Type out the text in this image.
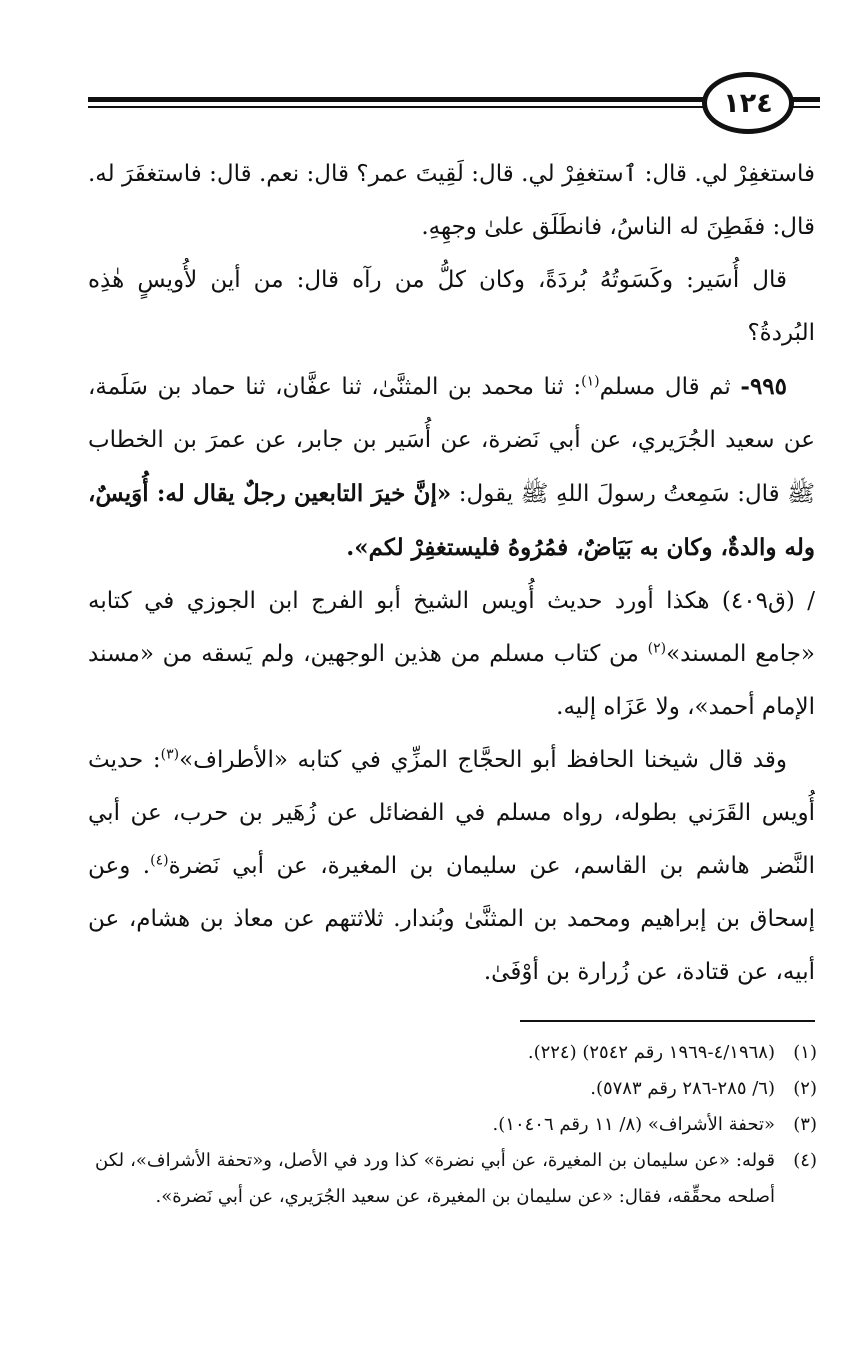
١٢٤

فاستغفِرْ لي. قال: ٱستغفِرْ لي. قال: لَقِيتَ عمر؟ قال: نعم. قال: فاستغفَرَ له. قال: ففَطِنَ له الناسُ، فانطَلَق علىٰ وجهِهِ.

قال أُسَير: وكَسَوتُهُ بُردَةً، وكان كلُّ من رآه قال: من أين لأُويسٍ هٰذِه البُردةُ؟

٩٩٥- ثم قال مسلم$^{(١)}$: ثنا محمد بن المثنَّىٰ، ثنا عفَّان، ثنا حماد بن سَلَمة، عن سعيد الجُرَيري، عن أبي نَضرة، عن أُسَير بن جابر، عن عمرَ بن الخطاب ﷺ قال: سَمِعتُ رسولَ اللهِ ﷺ يقول: «إنَّ خيرَ التابعين رجلٌ يقال له: أُوَيسٌ، وله والدةٌ، وكان به بَيَاضٌ، فمُرُوهُ فليستغفِرْ لكم».

/ (ق٤٠٩) هكذا أورد حديث أُويس الشيخ أبو الفرج ابن الجوزي في كتابه «جامع المسند»$^{(٢)}$ من كتاب مسلم من هذين الوجهين، ولم يَسقه من «مسند الإمام أحمد»، ولا عَزَاه إليه.

وقد قال شيخنا الحافظ أبو الحجَّاج المزِّي في كتابه «الأطراف»$^{(٣)}$: حديث أُويس القَرَني بطوله، رواه مسلم في الفضائل عن زُهَير بن حرب، عن أبي النَّضر هاشم بن القاسم، عن سليمان بن المغيرة، عن أبي نَضرة$^{(٤)}$. وعن إسحاق بن إبراهيم ومحمد بن المثنَّىٰ وبُندار. ثلاثتهم عن معاذ بن هشام، عن أبيه، عن قتادة، عن زُرارة بن أوْفَىٰ.

(١)
(٤/١٩٦٨-١٩٦٩ رقم ٢٥٤٢) (٢٢٤).
(٢)
(٦/ ٢٨٥-٢٨٦ رقم ٥٧٨٣).
(٣)
«تحفة الأشراف» (٨/ ١١ رقم ١٠٤٠٦).
(٤)
قوله: «عن سليمان بن المغيرة، عن أبي نضرة» كذا ورد في الأصل، و«تحفة الأشراف»، لكن أصلحه محقِّقه، فقال: «عن سليمان بن المغيرة، عن سعيد الجُرَيري، عن أبي نَضرة».
